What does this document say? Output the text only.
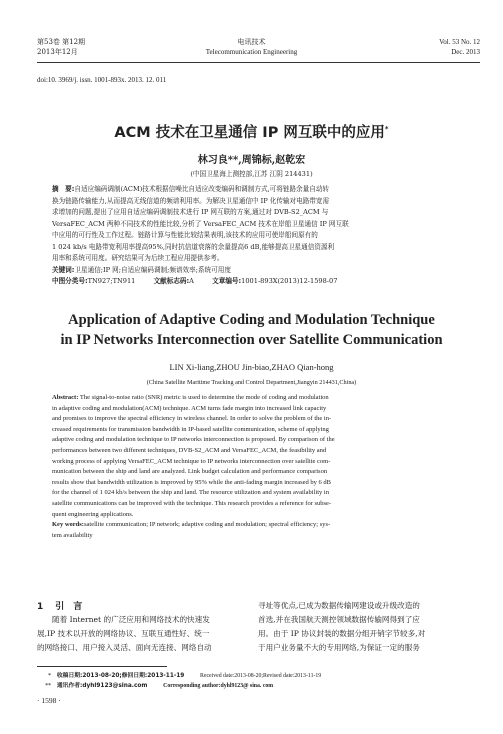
第53卷 第12期
2013年12月
电讯技术
Telecommunication Engineering
Vol. 53 No. 12
Dec. 2013
doi:10. 3969/j. issn. 1001-893x. 2013. 12. 011
ACM 技术在卫星通信 IP 网互联中的应用*
林习良**,周锦标,赵乾宏
(中国卫星海上测控部,江苏 江阴 214431)
摘　要:自适应编码调制(ACM)技术根据信噪比自适应改变编码和调制方式,可将链路余量自动转
换为链路传输能力,从而提高无线信道的频谱利用率。为解决卫星通信中 IP 化传输对电路带宽需
求增加的问题,提出了应用自适应编码调制技术进行 IP 网互联的方案,通过对 DVB-S2_ACM 与
VersaFEC_ACM 两种不同技术的性能比较,分析了 VersaFEC_ACM 技术在岸船卫星通信 IP 网互联
中应用的可行性及工作过程。链路计算与性能比较结果表明,该技术的应用可使岸船间原有的
1 024 kb/s 电路带宽利用率提高95%,同时抗信道衰落的余量提高6 dB,能够提高卫星通信资源利
用率和系统可用度。研究结果可为后续工程应用提供参考。
关键词:卫星通信;IP 网;自适应编码调制;频谱效率;系统可用度
中图分类号:TN927;TN911	文献标志码:A	文章编号:1001-893X(2013)12-1598-07
Application of Adaptive Coding and Modulation Technique
in IP Networks Interconnection over Satellite Communication
LIN Xi-liang,ZHOU Jin-biao,ZHAO Qian-hong
(China Satellite Maritime Tracking and Control Department,Jiangyin 214431,China)
Abstract: The signal-to-noise ratio (SNR) metric is used to determine the mode of coding and modulation
in adaptive coding and modulation(ACM) technique. ACM turns fade margin into increased link capacity
and promises to improve the spectral efficiency in wireless channel. In order to solve the problem of the in-
creased requirements for transmission bandwidth in IP-based satellite communication, scheme of applying
adaptive coding and modulation technique to IP networks interconnection is proposed. By comparison of the
performances between two different techniques, DVB-S2_ACM and VersaFEC_ACM, the feasibility and
working process of applying VersaFEC_ACM technique to IP networks interconnection over satellite com-
munication between the ship and land are analyzed. Link budget calculation and performance comparison
results show that bandwidth utilization is improved by 95% while the anti-fading margin increased by 6 dB
for the channel of 1 024 kb/s between the ship and land. The resource utilization and system availability in
satellite communications can be improved with the technique. This research provides a reference for subse-
quent engineering applications.
Key words:satellite communication; IP network; adaptive coding and modulation; spectral efficiency; sys-
tem availability
1 引　言
随着 Internet 的广泛应用和网络技术的快速发
展,IP 技术以开放的网络协议、互联互通性好、统一
的网络接口、用户接入灵活、面向无连接、网络自动
寻址等优点,已成为数据传输网建设或升级改造的
首选,并在我国航天测控领域数据传输网得到了应
用。由于 IP 协议封装的数据分组开销字节较多,对
于用户业务量不大的专用网络,为保证一定的服务
* 收稿日期:2013-08-20;修回日期:2013-11-19	Received date:2013-08-20;Revised date:2013-11-19
** 通讯作者:dyhl9123@sina.com	Corresponding author:dyhl9123@ sina. com
· 1598 ·
